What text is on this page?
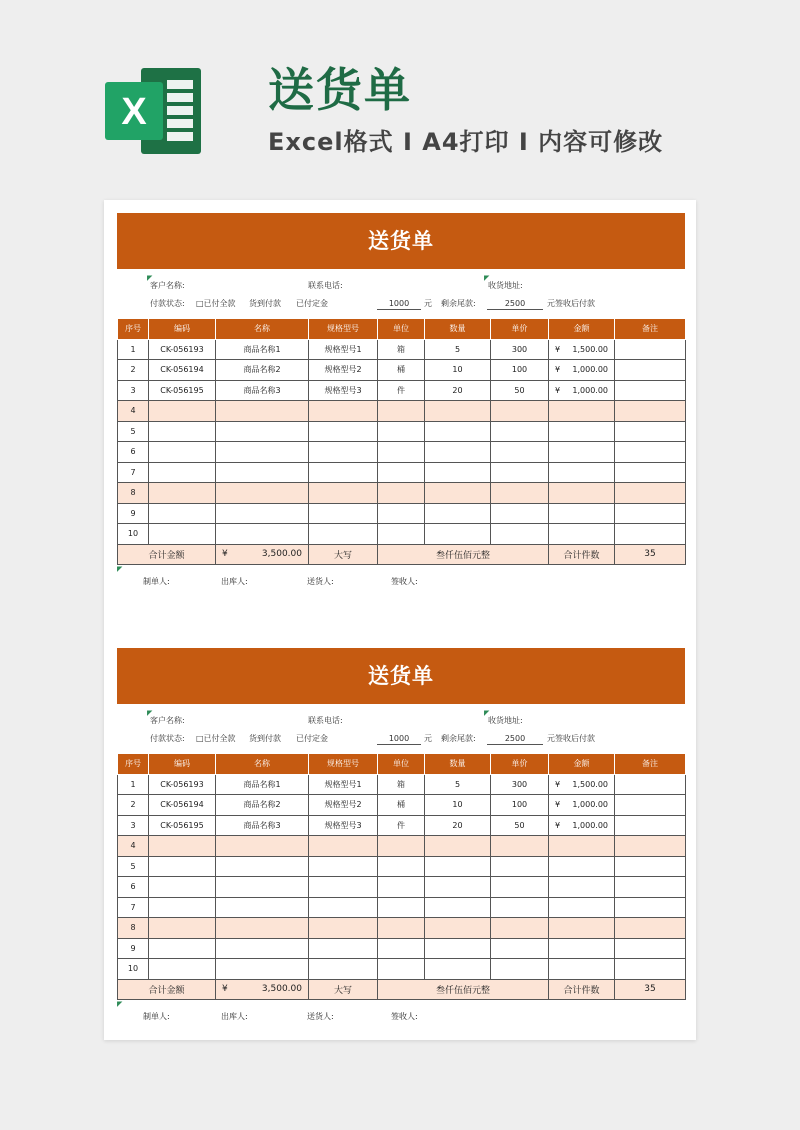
X	送货单
Excel格式 I A4打印 I 内容可修改
送货单
◤
客户名称:	联系电话:
◤
收货地址:
付款状态: □已付全款 货到付款 已付定金	1000	元 剩余尾款:	2500	元签收后付款
序号	编码	名称	规格型号	单位	数量	单价	金额	备注
1	CK-056193	商品名称1	规格型号1	箱	5	300	¥ 1,500.00	
2	CK-056194	商品名称2	规格型号2	桶	10	100	¥ 1,000.00	
3	CK-056195	商品名称3	规格型号3	件	20	50	¥ 1,000.00	
4								
5								
6								
7								
8								
9								
10								
合计金额		¥ 3,500.00	大写	叁仟伍佰元整			合计件数	35
◤
制单人:	出库人:	送货人:	签收人:
送货单
◤
客户名称:	联系电话:
◤
收货地址:
付款状态: □已付全款 货到付款 已付定金	1000	元 剩余尾款:	2500	元签收后付款
序号	编码	名称	规格型号	单位	数量	单价	金额	备注
1	CK-056193	商品名称1	规格型号1	箱	5	300	¥ 1,500.00	
2	CK-056194	商品名称2	规格型号2	桶	10	100	¥ 1,000.00	
3	CK-056195	商品名称3	规格型号3	件	20	50	¥ 1,000.00	
4								
5								
6								
7								
8								
9								
10								
合计金额		¥ 3,500.00	大写	叁仟伍佰元整			合计件数	35
◤
制单人:	出库人:	送货人:	签收人:
